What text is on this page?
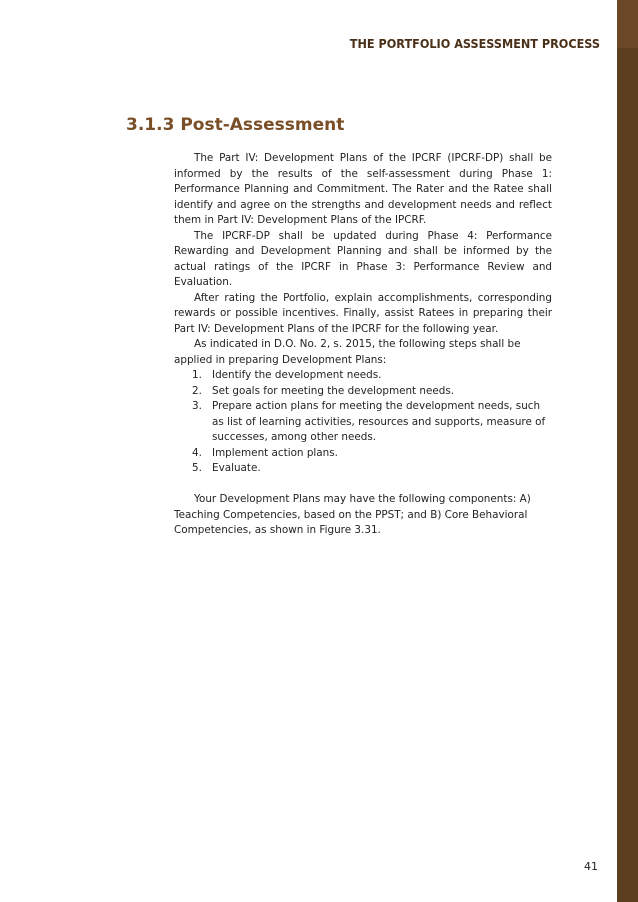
THE PORTFOLIO ASSESSMENT PROCESS
3.1.3 Post-Assessment

The Part IV: Development Plans of the IPCRF (IPCRF-DP) shall be informed by the results of the self-assessment during Phase 1: Performance Planning and Commitment. The Rater and the Ratee shall identify and agree on the strengths and development needs and reflect them in Part IV: Development Plans of the IPCRF.

The IPCRF-DP shall be updated during Phase 4: Performance Rewarding and Development Planning and shall be informed by the actual ratings of the IPCRF in Phase 3: Performance Review and Evaluation.

After rating the Portfolio, explain accomplishments, corresponding rewards or possible incentives. Finally, assist Ratees in preparing their Part IV: Development Plans of the IPCRF for the following year.

As indicated in D.O. No. 2, s. 2015, the following steps shall be applied in preparing Development Plans:

1. Identify the development needs.
2. Set goals for meeting the development needs.
3. Prepare action plans for meeting the development needs, such as list of learning activities, resources and supports, measure of successes, among other needs.
4. Implement action plans.
5. Evaluate.

Your Development Plans may have the following components: A) Teaching Competencies, based on the PPST; and B) Core Behavioral Competencies, as shown in Figure 3.31.

41
